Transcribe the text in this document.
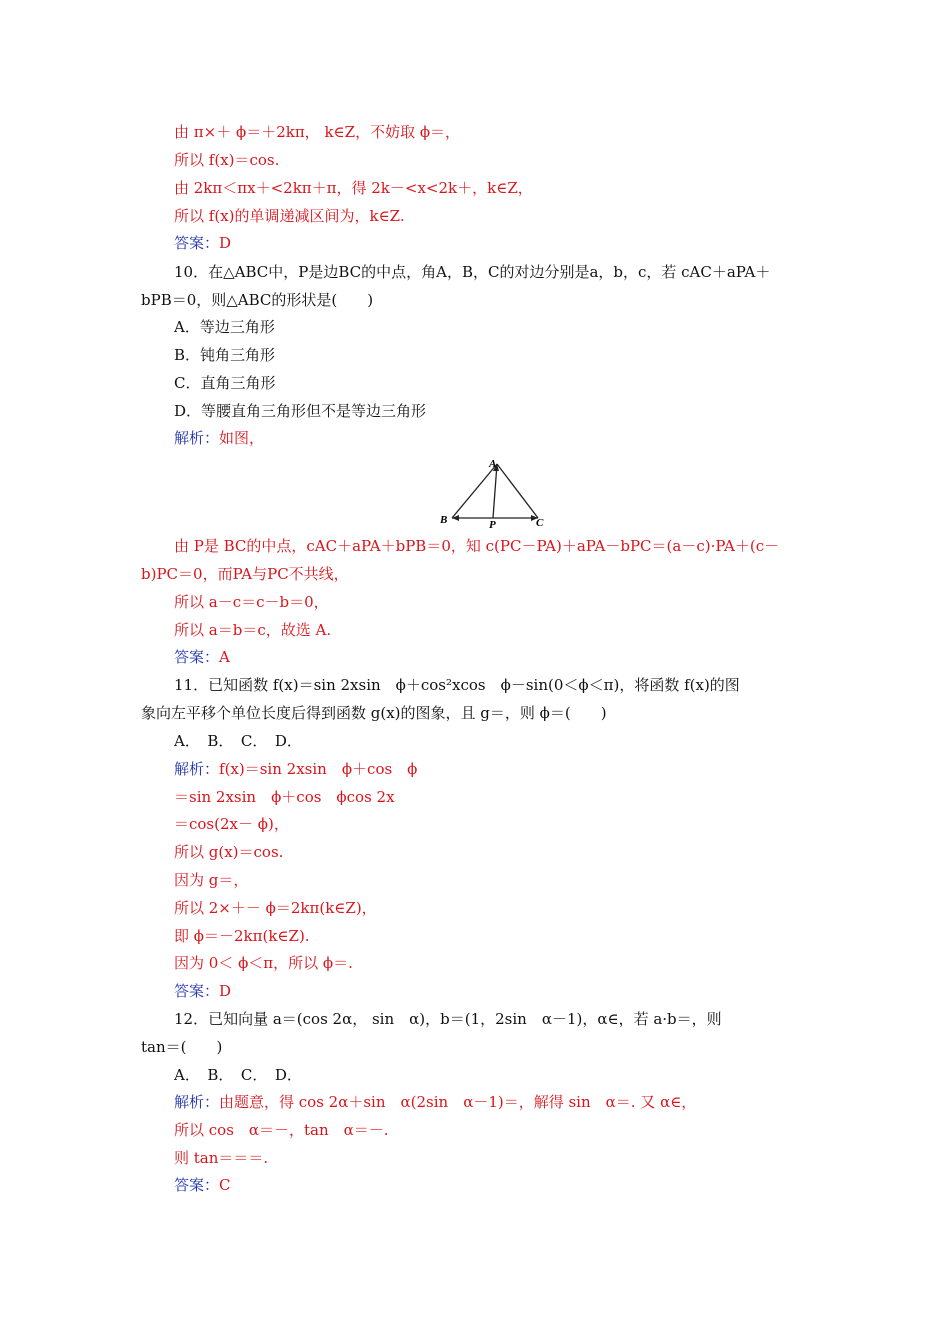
由 π×＋ ϕ＝＋2kπ， k∈Z，不妨取 ϕ＝，
所以 f(x)＝cos.
由 2kπ＜πx＋<2kπ＋π，得 2k－<x<2k＋，k∈Z，
所以 f(x)的单调递减区间为，k∈Z.
答案：D
10．在△ABC中，P是边BC的中点，角A，B，C的对边分别是a，b，c，若 cAC＋aPA＋
bPB＝0，则△ABC的形状是(　　)
A．等边三角形
B．钝角三角形
C．直角三角形
D．等腰直角三角形但不是等边三角形
解析：如图，
A
B	C
P
由 P是 BC的中点，cAC＋aPA＋bPB＝0，知 c(PC－PA)＋aPA－bPC＝(a－c)·PA＋(c－
b)PC＝0，而PA与PC不共线，
所以 a－c＝c－b＝0，
所以 a＝b＝c，故选 A.
答案：A
11．已知函数 f(x)＝sin 2xsin　ϕ＋cos²xcos　ϕ－sin(0＜ϕ＜π)，将函数 f(x)的图
象向左平移个单位长度后得到函数 g(x)的图象，且 g＝，则 ϕ＝(　　)
A．　B．　C．　D．
解析：f(x)＝sin 2xsin　ϕ＋cos　ϕ
＝sin 2xsin　ϕ＋cos　ϕcos 2x
＝cos(2x－ ϕ)，
所以 g(x)＝cos.
因为 g＝，
所以 2×＋－ ϕ＝2kπ(k∈Z)，
即 ϕ＝－2kπ(k∈Z).
因为 0＜ ϕ＜π，所以 ϕ＝.
答案：D
12．已知向量 a＝(cos 2α， sin　α)，b＝(1，2sin　α－1)，α∈，若 a·b＝，则
tan＝(　　)
A．　B．　C．　D．
解析：由题意，得 cos 2α＋sin　α(2sin　α－1)＝，解得 sin　α＝. 又 α∈，
所以 cos　α＝－，tan　α＝－.
则 tan＝＝＝.
答案：C
